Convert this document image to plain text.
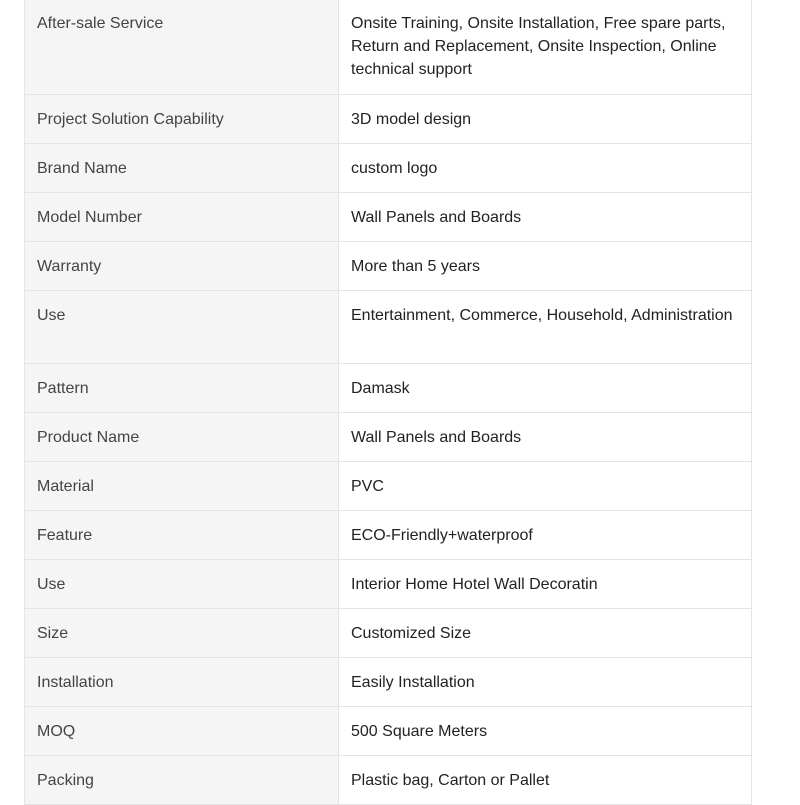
After-sale Service	Onsite Training, Onsite Installation, Free spare parts, Return and Replacement, Onsite Inspection, Online technical support

Project Solution Capability	3D model design

Brand Name	custom logo

Model Number	Wall Panels and Boards

Warranty	More than 5 years

Use	Entertainment, Commerce, Household, Administration

Pattern	Damask

Product Name	Wall Panels and Boards

Material	PVC

Feature	ECO-Friendly+waterproof

Use	Interior Home Hotel Wall Decoratin

Size	Customized Size

Installation	Easily Installation

MOQ	500 Square Meters

Packing	Plastic bag, Carton or Pallet
